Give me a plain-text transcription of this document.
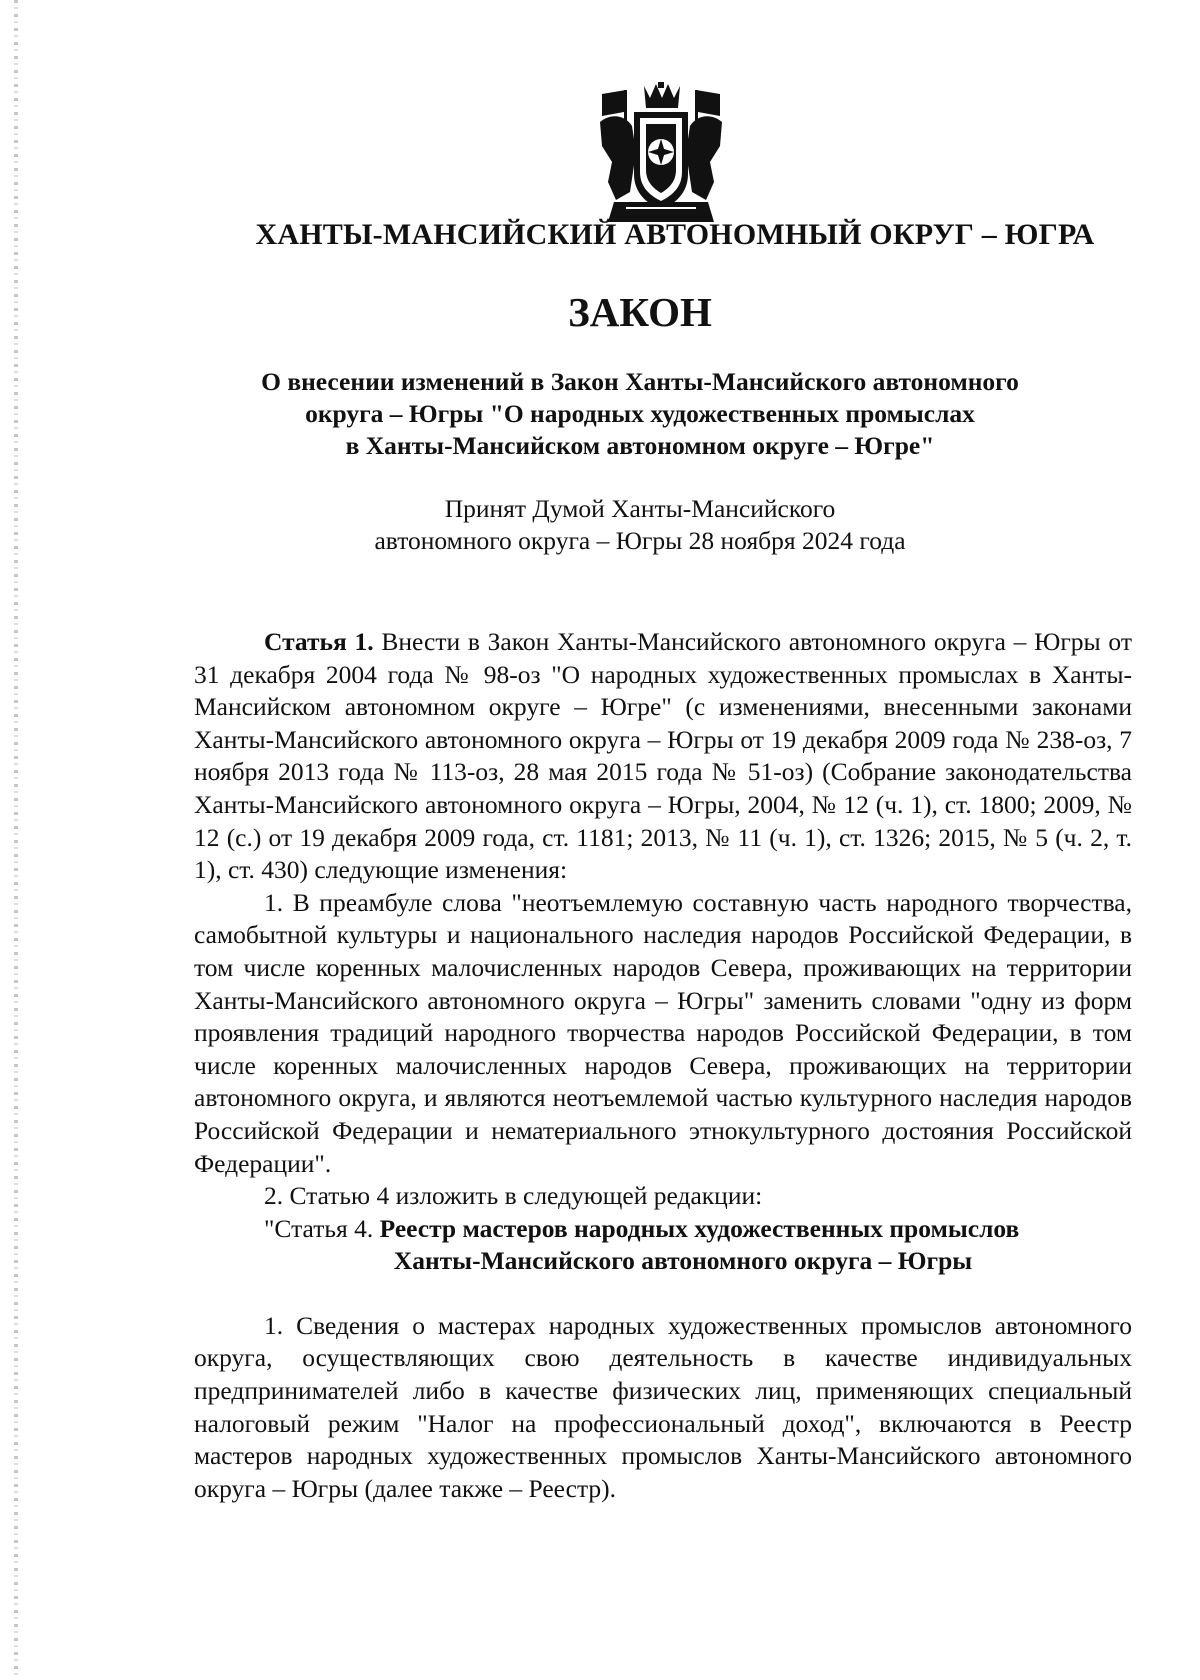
ХАНТЫ-МАНСИЙСКИЙ АВТОНОМНЫЙ ОКРУГ – ЮГРА
ЗАКОН
О внесении изменений в Закон Ханты-Мансийского автономного
округа – Югры "О народных художественных промыслах
в Ханты-Мансийском автономном округе – Югре"
Принят Думой Ханты-Мансийского
автономного округа – Югры 28 ноября 2024 года

Статья 1. Внести в Закон Ханты-Мансийского автономного округа – Югры от 31 декабря 2004 года № 98-оз "О народных художественных промыслах в Ханты-Мансийском автономном округе – Югре" (с изменениями, внесенными законами Ханты-Мансийского автономного округа – Югры от 19 декабря 2009 года № 238-оз, 7 ноября 2013 года № 113-оз, 28 мая 2015 года № 51-оз) (Собрание законодательства Ханты-Мансийского автономного округа – Югры, 2004, № 12 (ч. 1), ст. 1800; 2009, № 12 (с.) от 19 декабря 2009 года, ст. 1181; 2013, № 11 (ч. 1), ст. 1326; 2015, № 5 (ч. 2, т. 1), ст. 430) следующие изменения:

1. В преамбуле слова "неотъемлемую составную часть народного творчества, самобытной культуры и национального наследия народов Российской Федерации, в том числе коренных малочисленных народов Севера, проживающих на территории Ханты-Мансийского автономного округа – Югры" заменить словами "одну из форм проявления традиций народного творчества народов Российской Федерации, в том числе коренных малочисленных народов Севера, проживающих на территории автономного округа, и являются неотъемлемой частью культурного наследия народов Российской Федерации и нематериального этнокультурного достояния Российской Федерации".

2. Статью 4 изложить в следующей редакции:

"Статья 4. Реестр мастеров народных художественных промыслов

Ханты-Мансийского автономного округа – Югры

1. Сведения о мастерах народных художественных промыслов автономного округа, осуществляющих свою деятельность в качестве индивидуальных предпринимателей либо в качестве физических лиц, применяющих специальный налоговый режим "Налог на профессиональный доход", включаются в Реестр мастеров народных художественных промыслов Ханты-Мансийского автономного округа – Югры (далее также – Реестр).
